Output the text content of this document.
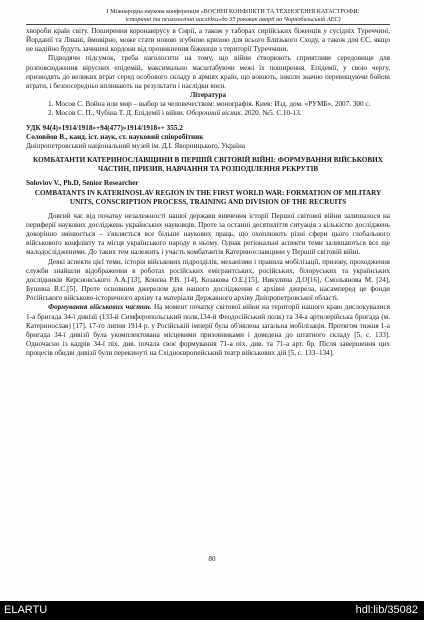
І Міжнародна наукова конференція «ВОЄННІ КОНФЛІКТИ ТА ТЕХНОГЕННІ КАТАСТРОФИ:
історичні та психологічні наслідки»до 35 роковин аварії на Чорнобильській АЕС)

хвороби країн світу. Поширення коронавірусу в Сирії, а також у таборах сирійських біженців у сусідніх Туреччині, Йорданії та Лівані, ймовірно, може стати новою згубною кризою для всього Близького Сходу, а також для ЄС, якщо не надійно будуть зачинені кордони від проникнення біженців з території Туреччини.

Підводячи підсумок, треба наголосити на тому, що війни створюють сприятливе середовище для розповсюдження вірусних епідемій, максимально масштабуючи межі їх поширення. Епідемії, у свою чергу, призводять до великих втрат серед особового складу в арміях країн, що воюють, інколи значно перевищуючи бойові втрати, і безпосередньо впливають на результати і наслідки воєн.

Література

1. Мосов С. Война или мир – выбор за человечеством: монографія. Киев: Изд. дом. «РУМБ», 2007. 300 с.

2. Мосов С. П., Чубіна Т. Д. Епідемії і війни. Оборонний вісник. 2020. №5. С.10-13.

УДК 94(4)»1914/1918»+94(477)»1914/1918»+ 355.2

Соловйов В., канд. іст. наук, ст. науковий співробітник

Дніпропетровський національний музей ім. Д.І. Яворницького, Україна

КОМБАТАНТИ КАТЕРИНОСЛАВЩИНИ В ПЕРШІЙ СВІТОВІЙ ВІЙНІ: ФОРМУВАННЯ ВІЙСЬКОВИХ ЧАСТИН, ПРИЗИВ, НАВЧАННЯ ТА РОЗПОДІЛЕННЯ РЕКРУТІВ

Soloviov V., Ph.D, Senior Researcher

COMBATANTS IN KATERINOSLAV REGION IN THE FIRST WORLD WAR: FORMATION OF MILITARY UNITS, CONSCRIPTION PROCESS, TRAINING AND DIVISION OF THE RECRUITS

Довгий час від початку незалежності нашої держави вивчення історії Першої світової війни залишалося на периферії наукових досліджень українських науковців. Проте за останні десятиліття ситуація з кількістю досліджень докорінно змінюється – з'являється все більше наукових праць, що охоплюють різні сфери цього глобального військового конфлікту та місця українського народу в ньому. Однак регіональні аспекти теми залишаються все ще малодослідженими. До таких тем належить і участь комбатантів Катеринославщини у Першій світовій війні.

Деякі аспекти цієї теми, історія військових підрозділів, механізми і правила мобілізації, призову, проходження служби знайшли відображення в роботах російських емігрантських, російських, білоруських та українських дослідників Керсновського А.А.[13], Конєва Р.В. [14], Козакова О.Е.[15], Никулина Д.О[16], Смольянова М. [24], Бушина В.С.[5]. Проте основним джерелом для нашого дослідження є архівні джерела, насамперед це фонди Російського військово-історичного архіву та матеріали Державного архіву Дніпропетровської області.

Формування військових частин. На момент початку світової війни на території нашого краю дислокувалися 1-а бригада 34-ї дивізії (133-й Симферопольський полк,134-й Феодосійський полк) та 34-а артилерійська бригада (м. Катеринослав) [17]. 17-го липня 1914 р. у Російській імперії була об'явлена загальна мобілізація. Протягом тижня 1-а бригада 34-ї дивізії була укомплектована місцевими призовниками і доведена до штатного складу [5, с. 133]. Одночасно із кадрів 34-ї піх. див. почала своє формування 71-а піх. див. та 71-а арт. бр. Після завершення цих процесів обидві дивізії були перекинуті на Східноєвропейський театр військових дій [5, с. 133–134].

80
ELARTU	hdl:lib/35082
